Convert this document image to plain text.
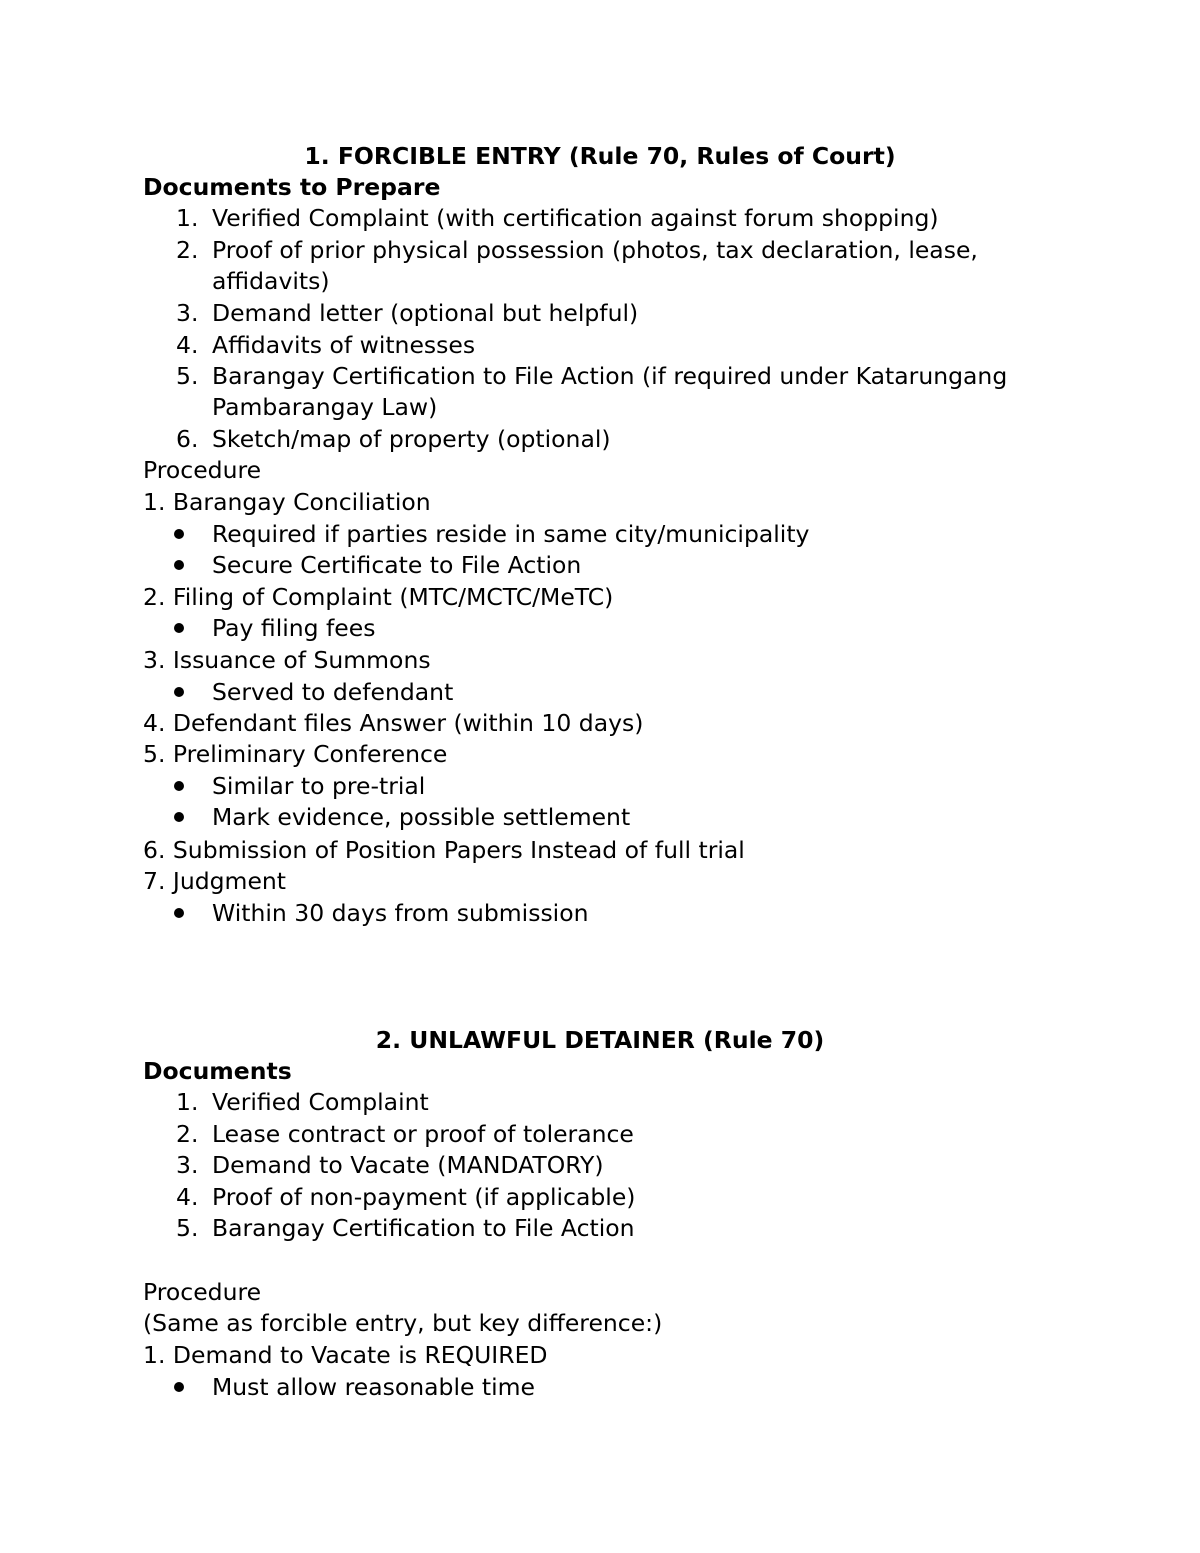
1. FORCIBLE ENTRY (Rule 70, Rules of Court)
Documents to Prepare
1. Verified Complaint (with certification against forum shopping)
2. Proof of prior physical possession (photos, tax declaration, lease,
affidavits)
3. Demand letter (optional but helpful)
4. Affidavits of witnesses
5. Barangay Certification to File Action (if required under Katarungang
Pambarangay Law)
6. Sketch/map of property (optional)
Procedure
1. Barangay Conciliation
Required if parties reside in same city/municipality
Secure Certificate to File Action
2. Filing of Complaint (MTC/MCTC/MeTC)
Pay filing fees
3. Issuance of Summons
Served to defendant
4. Defendant files Answer (within 10 days)
5. Preliminary Conference
Similar to pre-trial
Mark evidence, possible settlement
6. Submission of Position Papers Instead of full trial
7. Judgment
Within 30 days from submission
2. UNLAWFUL DETAINER (Rule 70)
Documents
1. Verified Complaint
2. Lease contract or proof of tolerance
3. Demand to Vacate (MANDATORY)
4. Proof of non-payment (if applicable)
5. Barangay Certification to File Action
Procedure
(Same as forcible entry, but key difference:)
1. Demand to Vacate is REQUIRED
Must allow reasonable time
